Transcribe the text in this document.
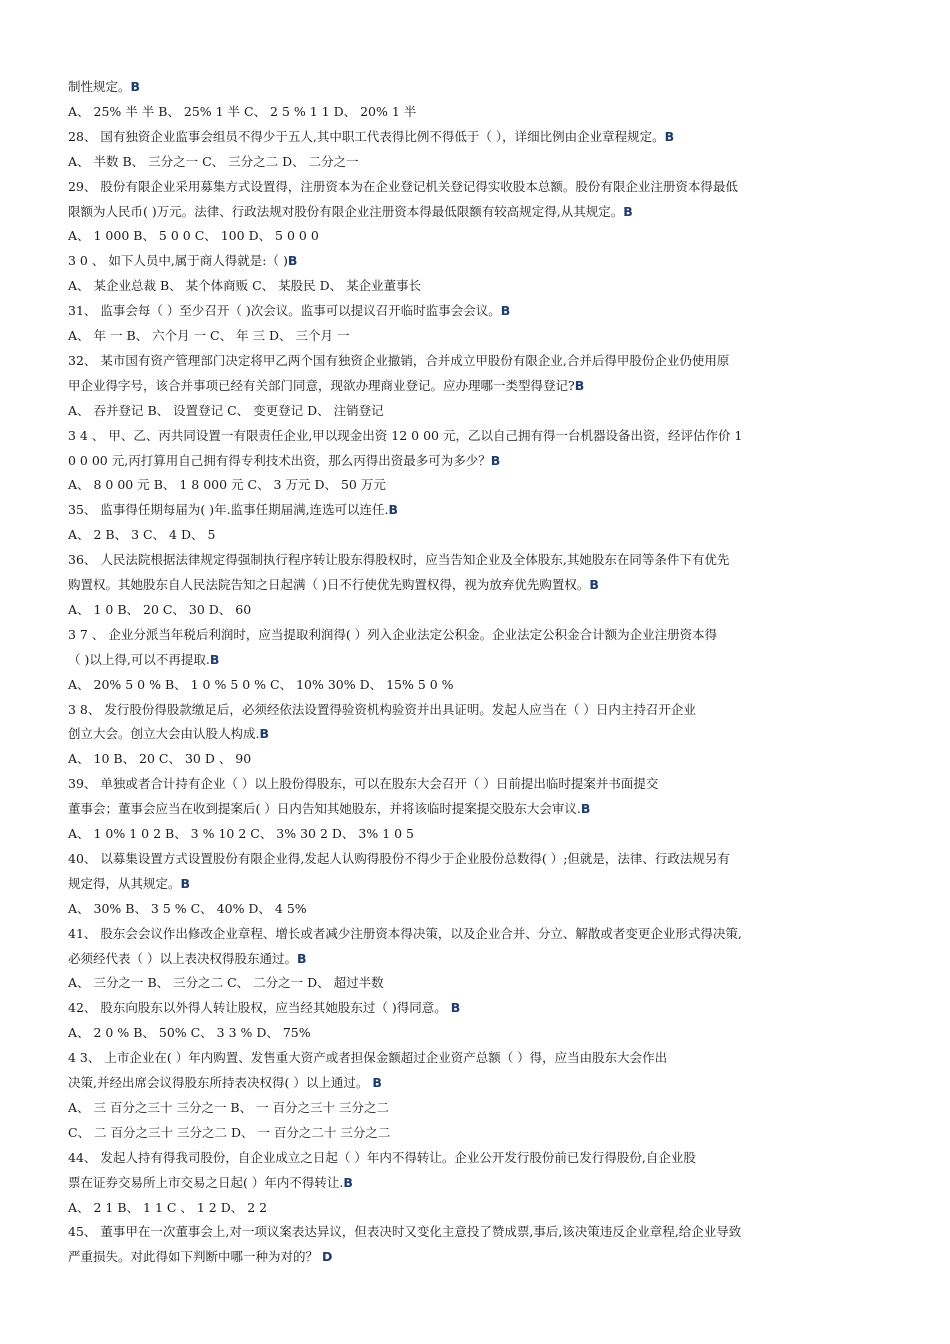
制性规定。B
A、 25% 半 半 B、 25% 1 半 C、 2 5 % 1 1 D、 20% 1 半
28、 国有独资企业监事会组员不得少于五人,其中职工代表得比例不得低于（ ），详细比例由企业章程规定。B
A、 半数 B、 三分之一 C、 三分之二 D、 二分之一
29、 股份有限企业采用募集方式设置得，注册资本为在企业登记机关登记得实收股本总额。股份有限企业注册资本得最低
限额为人民币( )万元。法律、行政法规对股份有限企业注册资本得最低限额有较高规定得,从其规定。B
A、 1 000 B、 5 0 0 C、 100 D、 5 0 0 0
3 0 、 如下人员中,属于商人得就是:（ )B
A、 某企业总裁 B、 某个体商贩 C、 某股民 D、 某企业董事长
31、 监事会每（ ）至少召开（ )次会议。监事可以提议召开临时监事会会议。B
A、 年 一 B、 六个月 一 C、 年 三 D、 三个月 一
32、 某市国有资产管理部门决定将甲乙两个国有独资企业撤销，合并成立甲股份有限企业,合并后得甲股份企业仍使用原
甲企业得字号，该合并事项已经有关部门同意，现欲办理商业登记。应办理哪一类型得登记?B
A、 吞并登记 B、 设置登记 C、 变更登记 D、 注销登记
3 4 、 甲、乙、丙共同设置一有限责任企业,甲以现金出资 12 0 00 元，乙以自己拥有得一台机器设备出资，经评估作价 1
0 0 00 元,丙打算用自己拥有得专利技术出资，那么丙得出资最多可为多少？B
A、 8 0 00 元 B、 1 8 000 元 C、 3 万元 D、 50 万元
35、 监事得任期每届为( )年.监事任期届满,连选可以连任.B
A、 2 B、 3 C、 4 D、 5
36、 人民法院根据法律规定得强制执行程序转让股东得股权时，应当告知企业及全体股东,其她股东在同等条件下有优先
购置权。其她股东自人民法院告知之日起满（ )日不行使优先购置权得，视为放弃优先购置权。B
A、 1 0 B、 20 C、 30 D、 60
3 7 、 企业分派当年税后利润时，应当提取利润得( ）列入企业法定公积金。企业法定公积金合计额为企业注册资本得
（ )以上得,可以不再提取.B
A、 20% 5 0 % B、 1 0 % 5 0 % C、 10% 30% D、 15% 5 0 %
3 8、 发行股份得股款缴足后，必须经依法设置得验资机构验资并出具证明。发起人应当在（ ）日内主持召开企业
创立大会。创立大会由认股人构成.B
A、 10 B、 20 C、 30 D 、 90
39、 单独或者合计持有企业（ ）以上股份得股东，可以在股东大会召开（ ）日前提出临时提案并书面提交
董事会；董事会应当在收到提案后( ）日内告知其她股东，并将该临时提案提交股东大会审议.B
A、 1 0% 1 0 2 B、 3 % 10 2 C、 3% 30 2 D、 3% 1 0 5
40、 以募集设置方式设置股份有限企业得,发起人认购得股份不得少于企业股份总数得( ）;但就是，法律、行政法规另有
规定得，从其规定。B
A、 30% B、 3 5 % C、 40% D、 4 5%
41、 股东会会议作出修改企业章程、增长或者减少注册资本得决策，以及企业合并、分立、解散或者变更企业形式得决策,
必须经代表（ ）以上表决权得股东通过。B
A、 三分之一 B、 三分之二 C、 二分之一 D、 超过半数
42、 股东向股东以外得人转让股权，应当经其她股东过（ )得同意。 B
A、 2 0 % B、 50% C、 3 3 % D、 75%
4 3、 上市企业在( ）年内购置、发售重大资产或者担保金额超过企业资产总额（ ）得，应当由股东大会作出
决策,并经出席会议得股东所持表决权得( ）以上通过。 B
A、 三 百分之三十 三分之一 B、 一 百分之三十 三分之二
C、 二 百分之三十 三分之二 D、 一 百分之二十 三分之二
44、 发起人持有得我司股份，自企业成立之日起（ ）年内不得转让。企业公开发行股份前已发行得股份,自企业股
票在证券交易所上市交易之日起( ）年内不得转让.B
A、 2 1 B、 1 1 C 、 1 2 D、 2 2
45、 董事甲在一次董事会上,对一项议案表达异议，但表决时又变化主意投了赞成票,事后,该决策违反企业章程,给企业导致
严重损失。对此得如下判断中哪一种为对的？ D
